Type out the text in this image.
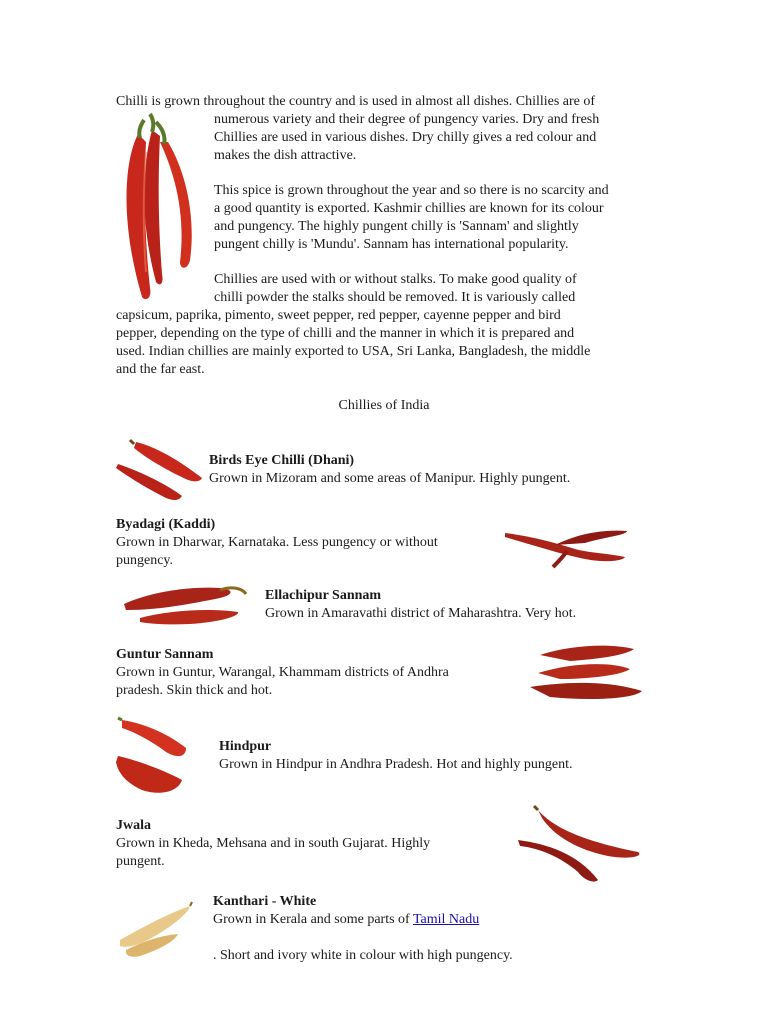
Chilli is grown throughout the country and is used in almost all dishes. Chillies are of
numerous variety and their degree of pungency varies. Dry and fresh
Chillies are used in various dishes. Dry chilly gives a red colour and
makes the dish attractive.
This spice is grown throughout the year and so there is no scarcity and
a good quantity is exported. Kashmir chillies are known for its colour
and pungency. The highly pungent chilly is 'Sannam' and slightly
pungent chilly is 'Mundu'. Sannam has international popularity.
Chillies are used with or without stalks. To make good quality of
chilli powder the stalks should be removed. It is variously called
capsicum, paprika, pimento, sweet pepper, red pepper, cayenne pepper and bird
pepper, depending on the type of chilli and the manner in which it is prepared and
used. Indian chillies are mainly exported to USA, Sri Lanka, Bangladesh, the middle
and the far east.
Chillies of India
Birds Eye Chilli (Dhani)
Grown in Mizoram and some areas of Manipur. Highly pungent.
Byadagi (Kaddi)
Grown in Dharwar, Karnataka. Less pungency or without
pungency.
Ellachipur Sannam
Grown in Amaravathi district of Maharashtra. Very hot.
Guntur Sannam
Grown in Guntur, Warangal, Khammam districts of Andhra
pradesh. Skin thick and hot.
Hindpur
Grown in Hindpur in Andhra Pradesh. Hot and highly pungent.
Jwala
Grown in Kheda, Mehsana and in south Gujarat. Highly
pungent.
Kanthari - White
Grown in Kerala and some parts of Tamil Nadu
. Short and ivory white in colour with high pungency.
